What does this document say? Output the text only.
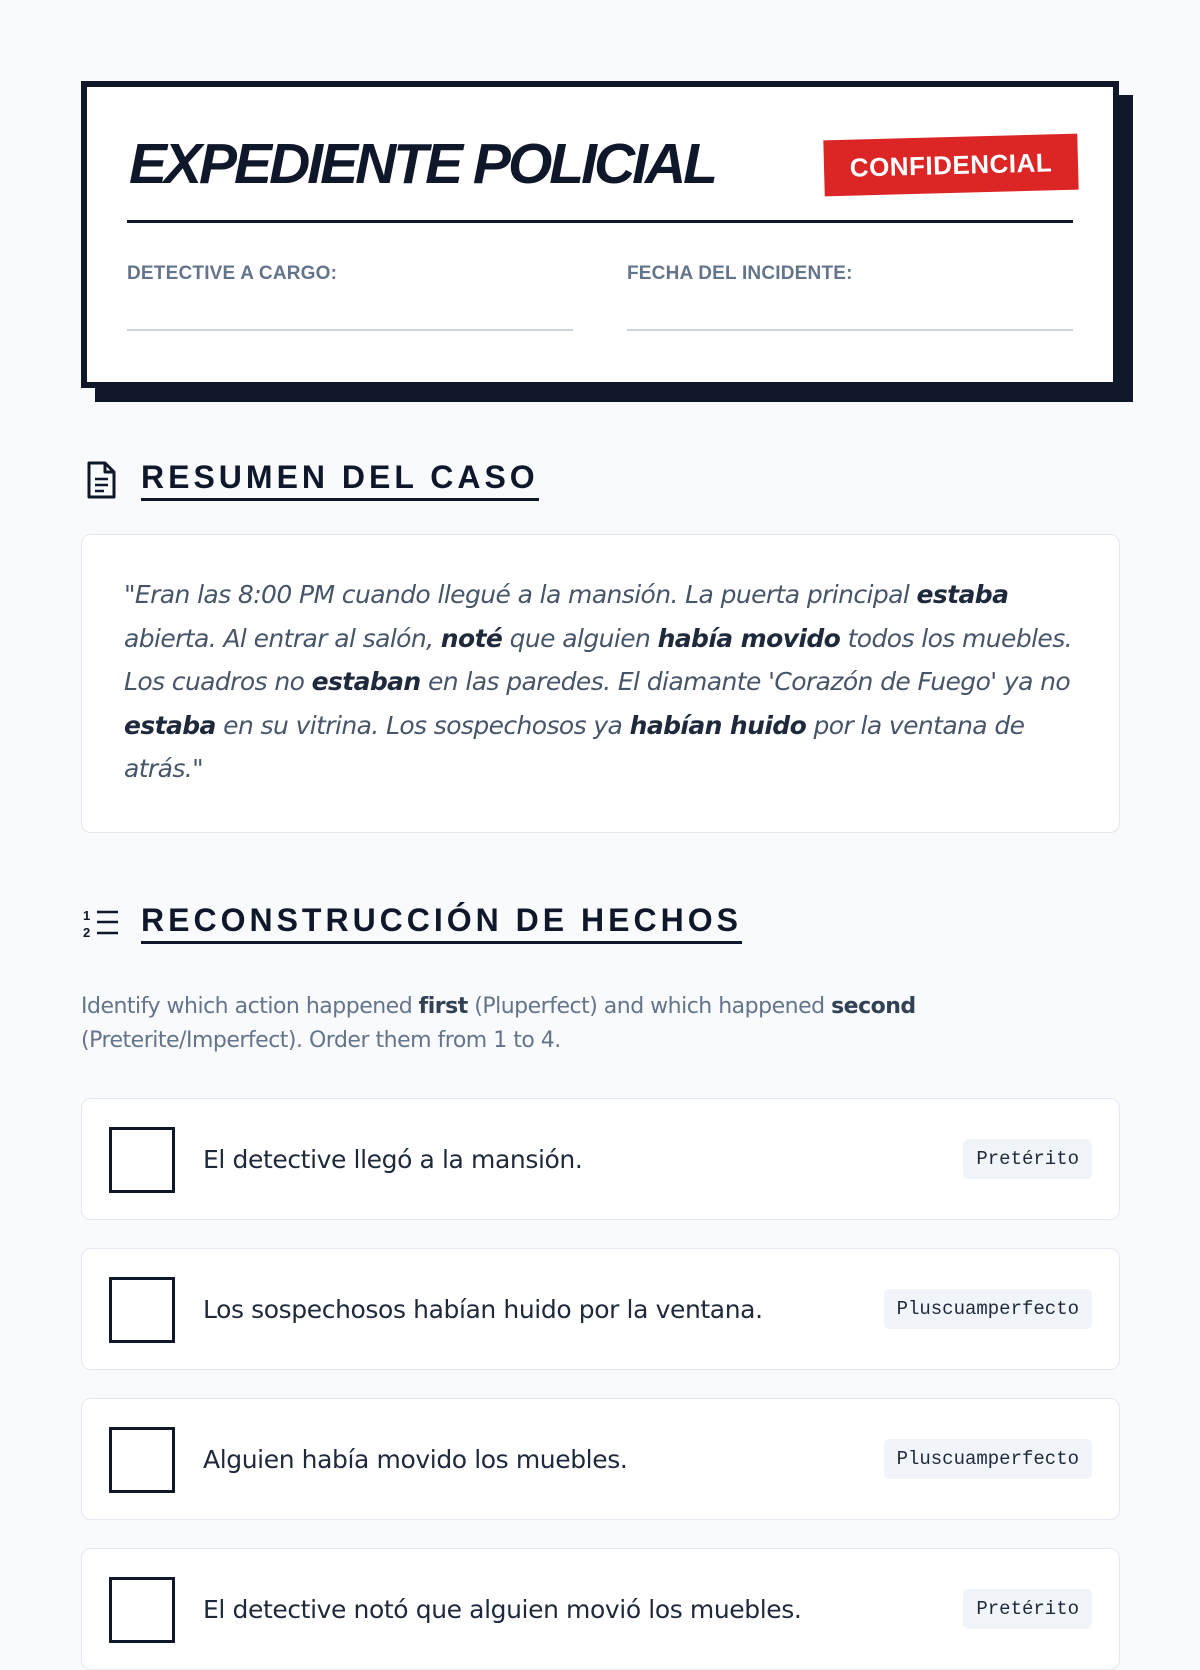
EXPEDIENTE POLICIAL	CONFIDENCIAL
DETECTIVE A CARGO:	FECHA DEL INCIDENTE:
RESUMEN DEL CASO
"Eran las 8:00 PM cuando llegué a la mansión. La puerta principal estaba abierta. Al entrar al salón, noté que alguien había movido todos los muebles. Los cuadros no estaban en las paredes. El diamante 'Corazón de Fuego' ya no estaba en su vitrina. Los sospechosos ya habían huido por la ventana de atrás."
1
2 RECONSTRUCCIÓN DE HECHOS
Identify which action happened first (Pluperfect) and which happened second (Preterite/Imperfect). Order them from 1 to 4.
El detective llegó a la mansión.	Pretérito
Los sospechosos habían huido por la ventana.	Pluscuamperfecto
Alguien había movido los muebles.	Pluscuamperfecto
El detective notó que alguien movió los muebles.	Pretérito
